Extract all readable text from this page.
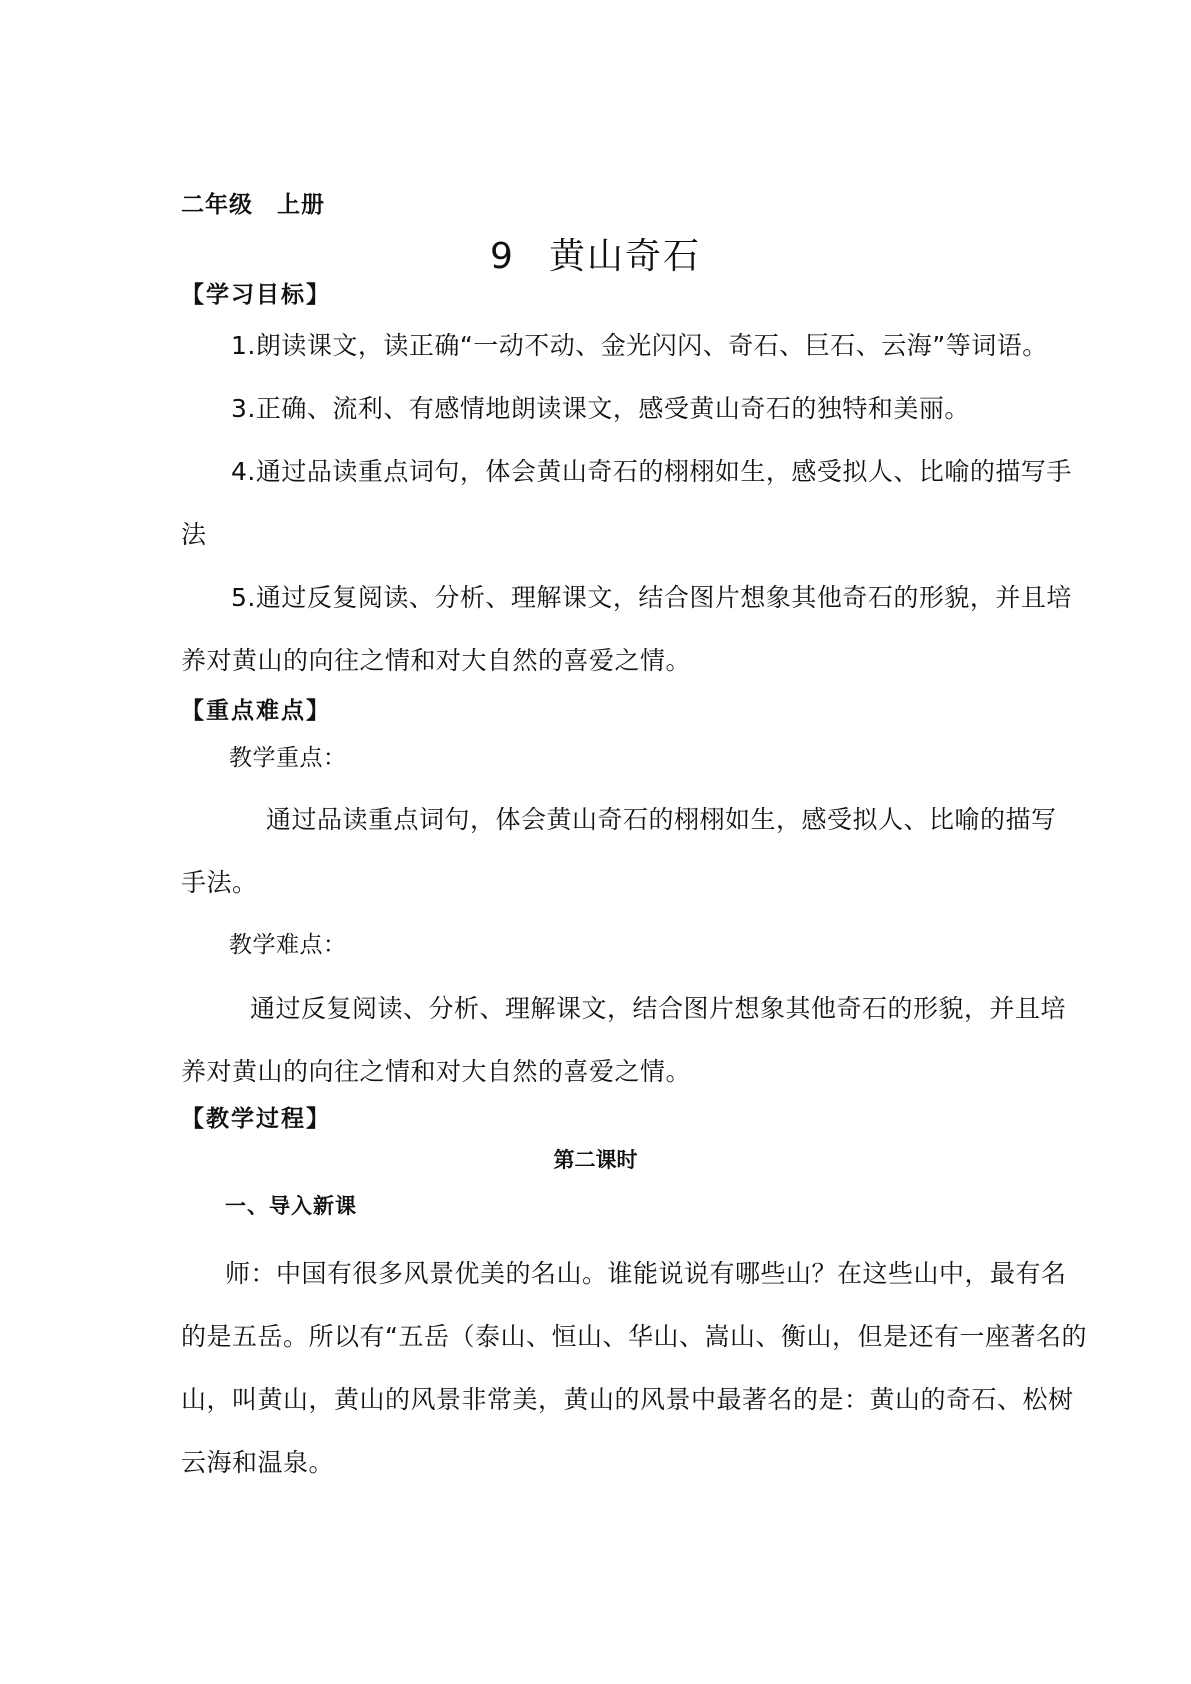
二年级　上册
9 黄山奇石
【学习目标】
1.朗读课文，读正确“一动不动、金光闪闪、奇石、巨石、云海”等词语。
3.正确、流利、有感情地朗读课文，感受黄山奇石的独特和美丽。
4.通过品读重点词句，体会黄山奇石的栩栩如生，感受拟人、比喻的描写手
法
5.通过反复阅读、分析、理解课文，结合图片想象其他奇石的形貌，并且培
养对黄山的向往之情和对大自然的喜爱之情。
【重点难点】
教学重点：
通过品读重点词句，体会黄山奇石的栩栩如生，感受拟人、比喻的描写
手法。
教学难点：
通过反复阅读、分析、理解课文，结合图片想象其他奇石的形貌，并且培
养对黄山的向往之情和对大自然的喜爱之情。
【教学过程】
第二课时
一、导入新课
师：中国有很多风景优美的名山。谁能说说有哪些山？在这些山中，最有名
的是五岳。所以有“五岳（泰山、恒山、华山、嵩山、衡山，但是还有一座著名的
山，叫黄山，黄山的风景非常美，黄山的风景中最著名的是：黄山的奇石、松树
云海和温泉。
